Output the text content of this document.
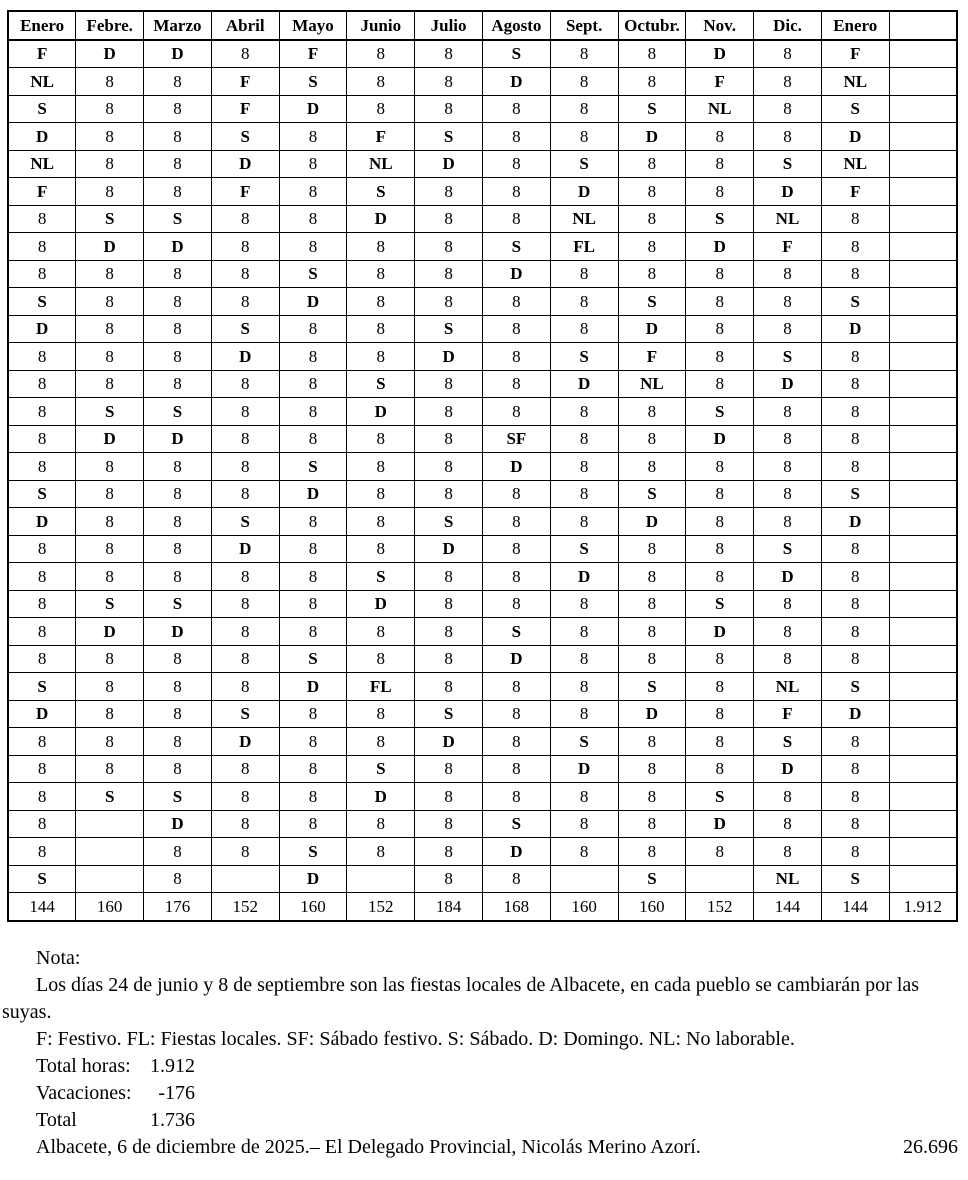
Enero	Febre.	Marzo	Abril	Mayo	Junio	Julio	Agosto	Sept.	Octubr.	Nov.	Dic.	Enero	
F	D	D	8	F	8	8	S	8	8	D	8	F	
NL	8	8	F	S	8	8	D	8	8	F	8	NL	
S	8	8	F	D	8	8	8	8	S	NL	8	S	
D	8	8	S	8	F	S	8	8	D	8	8	D	
NL	8	8	D	8	NL	D	8	S	8	8	S	NL	
F	8	8	F	8	S	8	8	D	8	8	D	F	
8	S	S	8	8	D	8	8	NL	8	S	NL	8	
8	D	D	8	8	8	8	S	FL	8	D	F	8	
8	8	8	8	S	8	8	D	8	8	8	8	8	
S	8	8	8	D	8	8	8	8	S	8	8	S	
D	8	8	S	8	8	S	8	8	D	8	8	D	
8	8	8	D	8	8	D	8	S	F	8	S	8	
8	8	8	8	8	S	8	8	D	NL	8	D	8	
8	S	S	8	8	D	8	8	8	8	S	8	8	
8	D	D	8	8	8	8	SF	8	8	D	8	8	
8	8	8	8	S	8	8	D	8	8	8	8	8	
S	8	8	8	D	8	8	8	8	S	8	8	S	
D	8	8	S	8	8	S	8	8	D	8	8	D	
8	8	8	D	8	8	D	8	S	8	8	S	8	
8	8	8	8	8	S	8	8	D	8	8	D	8	
8	S	S	8	8	D	8	8	8	8	S	8	8	
8	D	D	8	8	8	8	S	8	8	D	8	8	
8	8	8	8	S	8	8	D	8	8	8	8	8	
S	8	8	8	D	FL	8	8	8	S	8	NL	S	
D	8	8	S	8	8	S	8	8	D	8	F	D	
8	8	8	D	8	8	D	8	S	8	8	S	8	
8	8	8	8	8	S	8	8	D	8	8	D	8	
8	S	S	8	8	D	8	8	8	8	S	8	8	
8		D	8	8	8	8	S	8	8	D	8	8	
8		8	8	S	8	8	D	8	8	8	8	8	
S		8		D		8	8		S		NL	S	
144	160	176	152	160	152	184	168	160	160	152	144	144	1.912

Nota:

Los días 24 de junio y 8 de septiembre son las fiestas locales de Albacete, en cada pueblo se cambiarán por las suyas.

F: Festivo. FL: Fiestas locales. SF: Sábado festivo. S: Sábado. D: Domingo. NL: No laborable.

Total horas: 1.912
Vacaciones: -176
Total	1.736
Albacete, 6 de diciembre de 2025.– El Delegado Provincial, Nicolás Merino Azorí.	26.696
